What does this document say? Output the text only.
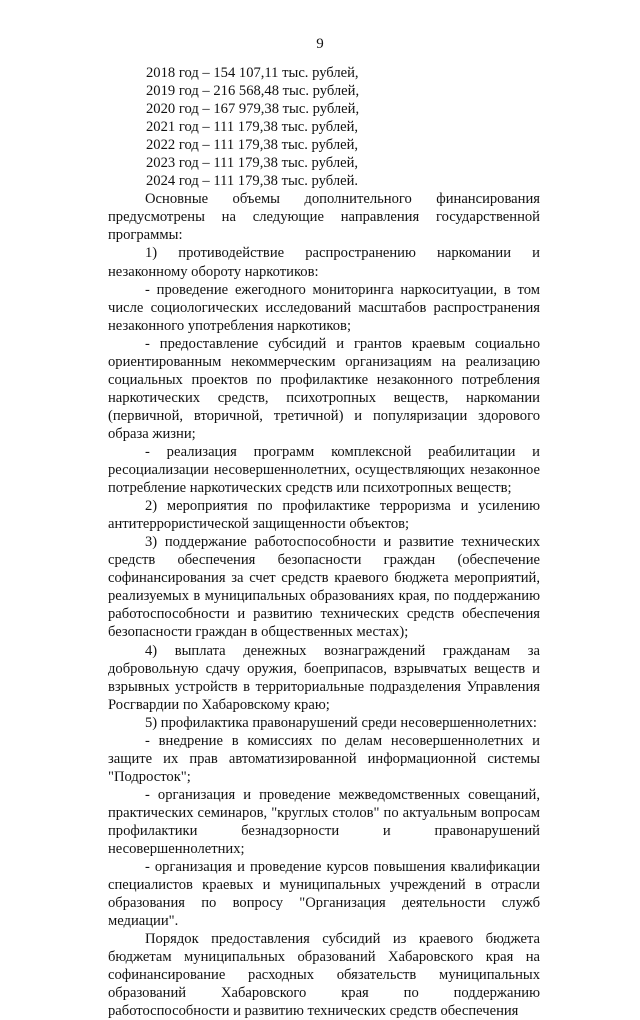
9

2018 год – 154 107,11 тыс. рублей,

2019 год – 216 568,48 тыс. рублей,

2020 год – 167 979,38 тыс. рублей,

2021 год – 111 179,38 тыс. рублей,

2022 год – 111 179,38 тыс. рублей,

2023 год – 111 179,38 тыс. рублей,

2024 год – 111 179,38 тыс. рублей.

Основные объемы дополнительного финансирования предусмотрены на следующие направления государственной программы:

1) противодействие распространению наркомании и незаконному обороту наркотиков:

- проведение ежегодного мониторинга наркоситуации, в том числе социологических исследований масштабов распространения незаконного употребления наркотиков;

- предоставление субсидий и грантов краевым социально ориентированным некоммерческим организациям на реализацию социальных проектов по профилактике незаконного потребления наркотических средств, психотропных веществ, наркомании (первичной, вторичной, третичной) и популяризации здорового образа жизни;

- реализация программ комплексной реабилитации и ресоциализации несовершеннолетних, осуществляющих незаконное потребление наркотических средств или психотропных веществ;

2) мероприятия по профилактике терроризма и усилению антитеррористической защищенности объектов;

3) поддержание работоспособности и развитие технических средств обеспечения безопасности граждан (обеспечение софинансирования за счет средств краевого бюджета мероприятий, реализуемых в муниципальных образованиях края, по поддержанию работоспособности и развитию технических средств обеспечения безопасности граждан в общественных местах);

4) выплата денежных вознаграждений гражданам за добровольную сдачу оружия, боеприпасов, взрывчатых веществ и взрывных устройств в территориальные подразделения Управления Росгвардии по Хабаровскому краю;

5) профилактика правонарушений среди несовершеннолетних:

- внедрение в комиссиях по делам несовершеннолетних и защите их прав автоматизированной информационной системы "Подросток";

- организация и проведение межведомственных совещаний, практических семинаров, "круглых столов" по актуальным вопросам профилактики безнадзорности и правонарушений несовершеннолетних;

- организация и проведение курсов повышения квалификации специалистов краевых и муниципальных учреждений в отрасли образования по вопросу "Организация деятельности служб медиации".

Порядок предоставления субсидий из краевого бюджета бюджетам муниципальных образований Хабаровского края на софинансирование расходных обязательств муниципальных образований Хабаровского края по поддержанию работоспособности и развитию технических средств обеспечения
